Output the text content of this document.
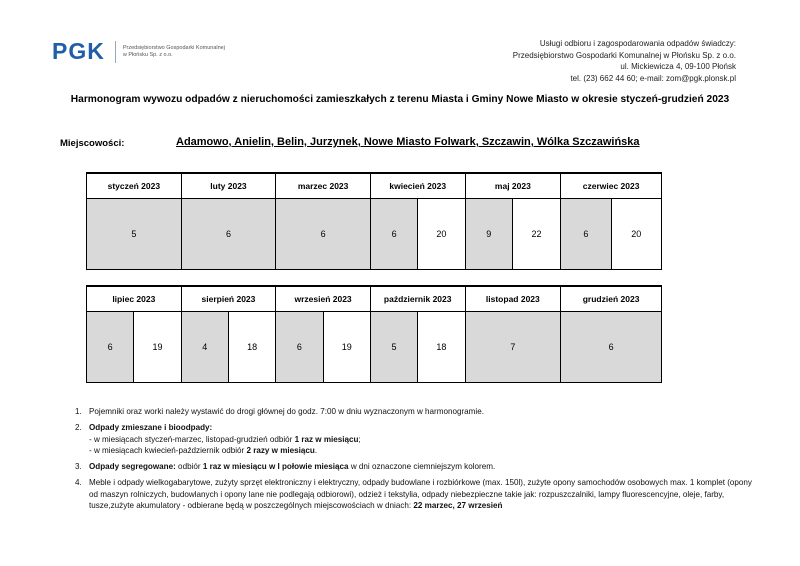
PGK	Przedsiębiorstwo Gospodarki Komunalnej
w Płońsku Sp. z o.o.
Usługi odbioru i zagospodarowania odpadów świadczy:
Przedsiębiorstwo Gospodarki Komunalnej w Płońsku Sp. z o.o.
ul. Mickiewicza 4, 09-100 Płońsk
tel. (23) 662 44 60; e-mail: zom@pgk.plonsk.pl
Harmonogram wywozu odpadów z nieruchomości zamieszkałych z terenu Miasta i Gminy Nowe Miasto w okresie styczeń-grudzień 2023
Miejscowości:	Adamowo, Anielin, Belin, Jurzynek, Nowe Miasto Folwark, Szczawin, Wólka Szczawińska
styczeń 2023	luty 2023	marzec 2023	kwiecień 2023		maj 2023		czerwiec 2023	
5	6	6	6	20	9	22	6	20
lipiec 2023		sierpień 2023		wrzesień 2023		październik 2023		listopad 2023	grudzień 2023
6	19	4	18	6	19	5	18	7	6
1. Pojemniki oraz worki należy wystawić do drogi głównej do godz. 7:00 w dniu wyznaczonym w harmonogramie.
2. Odpady zmieszane i bioodpady:
- w miesiącach styczeń-marzec, listopad-grudzień odbiór 1 raz w miesiącu;
- w miesiącach kwiecień-październik odbiór 2 razy w miesiącu.
3. Odpady segregowane: odbiór 1 raz w miesiącu w I połowie miesiąca w dni oznaczone ciemniejszym kolorem.
4. Meble i odpady wielkogabarytowe, zużyty sprzęt elektroniczny i elektryczny, odpady budowlane i rozbiórkowe (max. 150l), zużyte opony samochodów osobowych max. 1 komplet (opony od maszyn rolniczych, budowlanych i opony lane nie podlegają odbiorowi), odzież i tekstylia, odpady niebezpieczne takie jak: rozpuszczalniki, lampy fluorescencyjne, oleje, farby, tusze,zużyte akumulatory - odbierane będą w poszczególnych miejscowościach w dniach: 22 marzec, 27 wrzesień
